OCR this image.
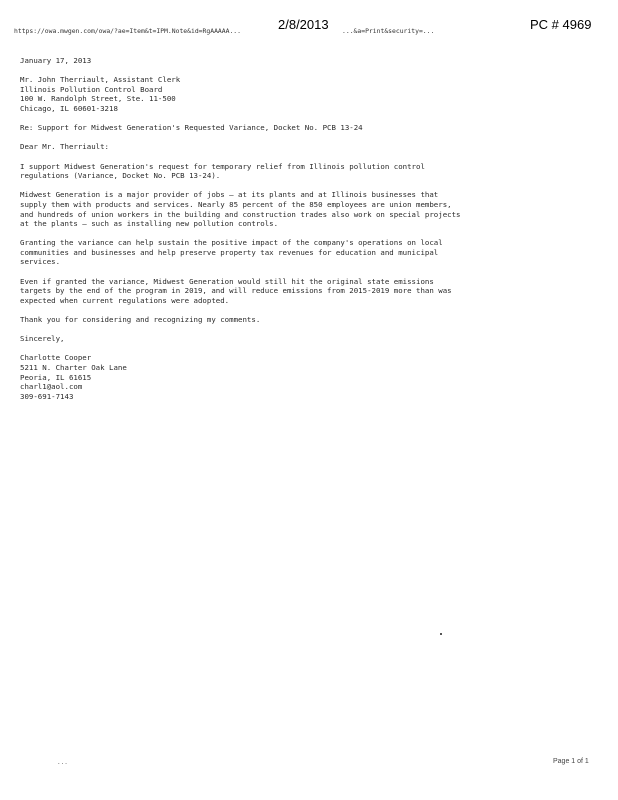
https://owa.mwgen.com/owa/?ae=Item&t=IPM.Note&id=RgAAAAA...	2/8/2013 ...&a=Print&security=...	PC # 4969

January 17, 2013

Mr. John Therriault, Assistant Clerk
Illinois Pollution Control Board
100 W. Randolph Street, Ste. 11-500
Chicago, IL 60601-3218

Re: Support for Midwest Generation's Requested Variance, Docket No. PCB 13-24

Dear Mr. Therriault:

I support Midwest Generation's request for temporary relief from Illinois pollution control
regulations (Variance, Docket No. PCB 13-24).

Midwest Generation is a major provider of jobs — at its plants and at Illinois businesses that
supply them with products and services. Nearly 85 percent of the 850 employees are union members,
and hundreds of union workers in the building and construction trades also work on special projects
at the plants — such as installing new pollution controls.

Granting the variance can help sustain the positive impact of the company's operations on local
communities and businesses and help preserve property tax revenues for education and municipal
services.

Even if granted the variance, Midwest Generation would still hit the original state emissions
targets by the end of the program in 2019, and will reduce emissions from 2015-2019 more than was
expected when current regulations were adopted.

Thank you for considering and recognizing my comments.

Sincerely,

Charlotte Cooper
5211 N. Charter Oak Lane
Peoria, IL 61615
charl1@aol.com
309-691-7143

...	Page 1 of 1
